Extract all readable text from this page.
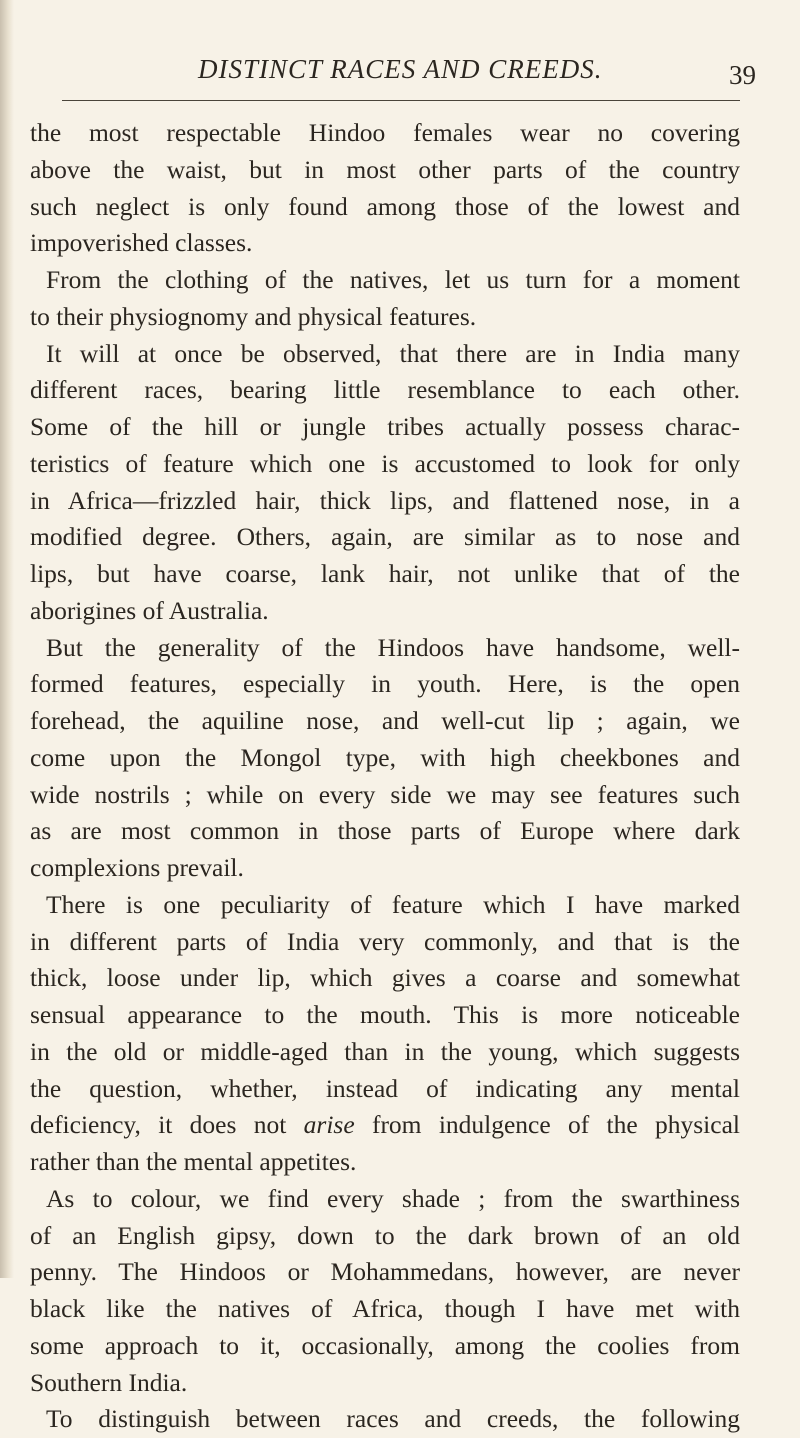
DISTINCT RACES AND CREEDS.	39
the most respectable Hindoo females wear no covering
above the waist, but in most other parts of the country
such neglect is only found among those of the lowest and
impoverished classes.
From the clothing of the natives, let us turn for a moment
to their physiognomy and physical features.
It will at once be observed, that there are in India many
different races, bearing little resemblance to each other.
Some of the hill or jungle tribes actually possess charac-
teristics of feature which one is accustomed to look for only
in Africa—frizzled hair, thick lips, and flattened nose, in a
modified degree. Others, again, are similar as to nose and
lips, but have coarse, lank hair, not unlike that of the
aborigines of Australia.
But the generality of the Hindoos have handsome, well-
formed features, especially in youth. Here, is the open
forehead, the aquiline nose, and well-cut lip ; again, we
come upon the Mongol type, with high cheekbones and
wide nostrils ; while on every side we may see features such
as are most common in those parts of Europe where dark
complexions prevail.
There is one peculiarity of feature which I have marked
in different parts of India very commonly, and that is the
thick, loose under lip, which gives a coarse and somewhat
sensual appearance to the mouth. This is more noticeable
in the old or middle-aged than in the young, which suggests
the question, whether, instead of indicating any mental
deficiency, it does not arise from indulgence of the physical
rather than the mental appetites.
As to colour, we find every shade ; from the swarthiness
of an English gipsy, down to the dark brown of an old
penny. The Hindoos or Mohammedans, however, are never
black like the natives of Africa, though I have met with
some approach to it, occasionally, among the coolies from
Southern India.
To distinguish between races and creeds, the following
